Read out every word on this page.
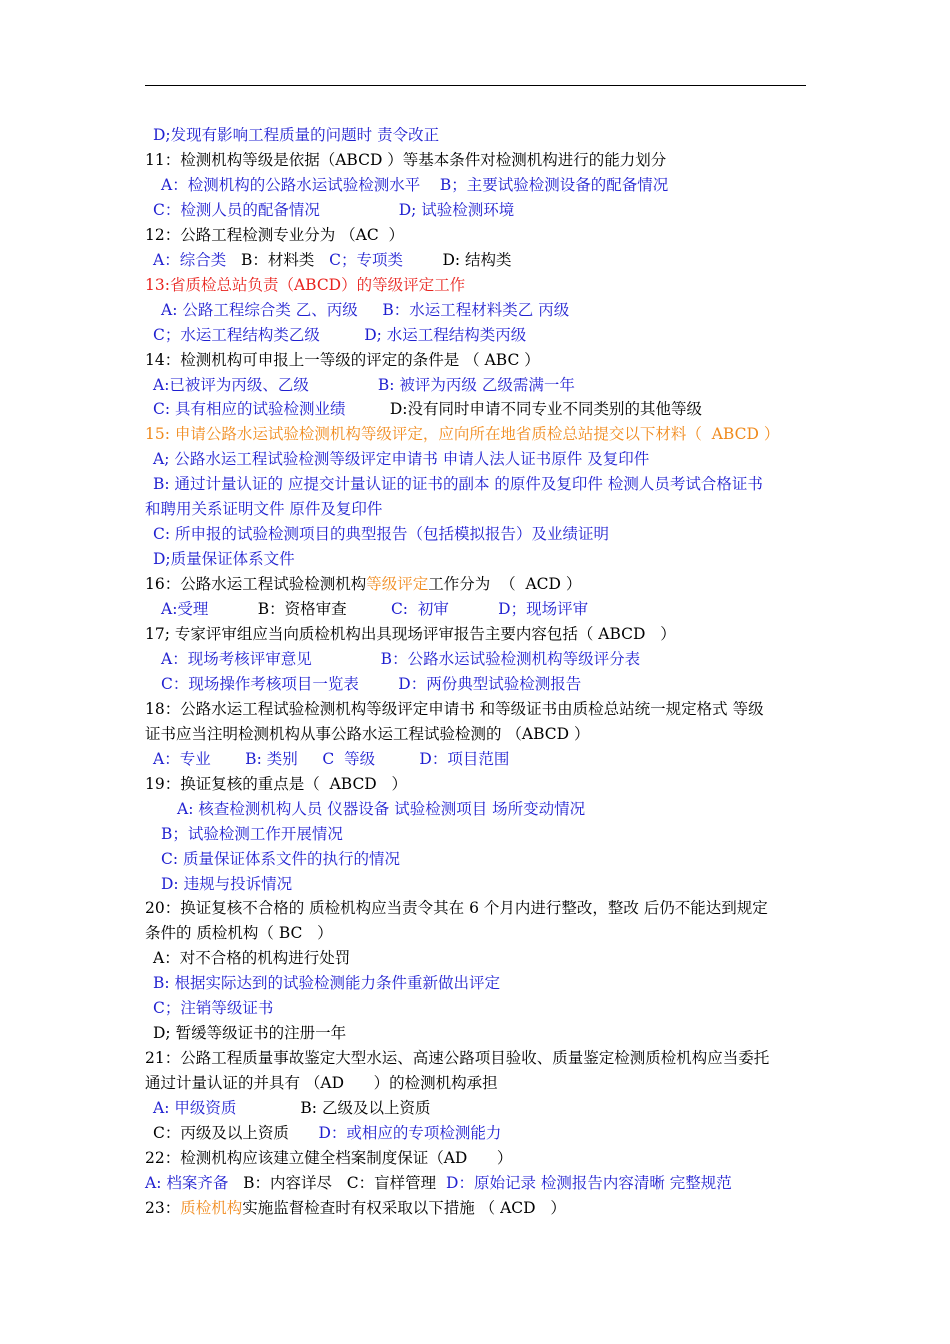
D;发现有影响工程质量的问题时 责令改正
11：检测机构等级是依据（ABCD ）等基本条件对检测机构进行的能力划分
A：检测机构的公路水运试验检测水平    B；主要试验检测设备的配备情况
C：检测人员的配备情况                D; 试验检测环境
12：公路工程检测专业分为 （AC  ）
A：综合类   B：材料类   C；专项类        D: 结构类
13:省质检总站负责（ABCD）的等级评定工作
A: 公路工程综合类 乙、丙级     B：水运工程材料类乙 丙级
C；水运工程结构类乙级         D; 水运工程结构类丙级
14：检测机构可申报上一等级的评定的条件是 （ ABC ）
A:已被评为丙级、乙级              B: 被评为丙级 乙级需满一年
C: 具有相应的试验检测业绩         D:没有同时申请不同专业不同类别的其他等级
15: 申请公路水运试验检测机构等级评定，应向所在地省质检总站提交以下材料（  ABCD ）
A; 公路水运工程试验检测等级评定申请书 申请人法人证书原件 及复印件
B: 通过计量认证的 应提交计量认证的证书的副本 的原件及复印件 检测人员考试合格证书
和聘用关系证明文件 原件及复印件
C: 所申报的试验检测项目的典型报告（包括模拟报告）及业绩证明
D;质量保证体系文件
16：公路水运工程试验检测机构等级评定工作分为  （  ACD ）
A:受理          B：资格审查         C:  初审          D；现场评审
17; 专家评审组应当向质检机构出具现场评审报告主要内容包括（ ABCD   ）
A：现场考核评审意见              B：公路水运试验检测机构等级评分表
C：现场操作考核项目一览表        D：两份典型试验检测报告
18：公路水运工程试验检测机构等级评定申请书 和等级证书由质检总站统一规定格式 等级
证书应当注明检测机构从事公路水运工程试验检测的 （ABCD ）
A：专业       B: 类别     C  等级         D：项目范围
19：换证复核的重点是（  ABCD   ）
A: 核查检测机构人员 仪器设备 试验检测项目 场所变动情况
B；试验检测工作开展情况
C: 质量保证体系文件的执行的情况
D: 违规与投诉情况
20：换证复核不合格的 质检机构应当责令其在 6 个月内进行整改，整改 后仍不能达到规定
条件的 质检机构（ BC   ）
A：对不合格的机构进行处罚
B: 根据实际达到的试验检测能力条件重新做出评定
C；注销等级证书
D; 暂缓等级证书的注册一年
21：公路工程质量事故鉴定大型水运、高速公路项目验收、质量鉴定检测质检机构应当委托
通过计量认证的并具有 （AD      ）的检测机构承担
A: 甲级资质             B: 乙级及以上资质
C：丙级及以上资质      D：或相应的专项检测能力
22：检测机构应该建立健全档案制度保证（AD      ）
A: 档案齐备   B：内容详尽   C：盲样管理  D：原始记录 检测报告内容清晰 完整规范
23：质检机构实施监督检查时有权采取以下措施 （ ACD   ）
